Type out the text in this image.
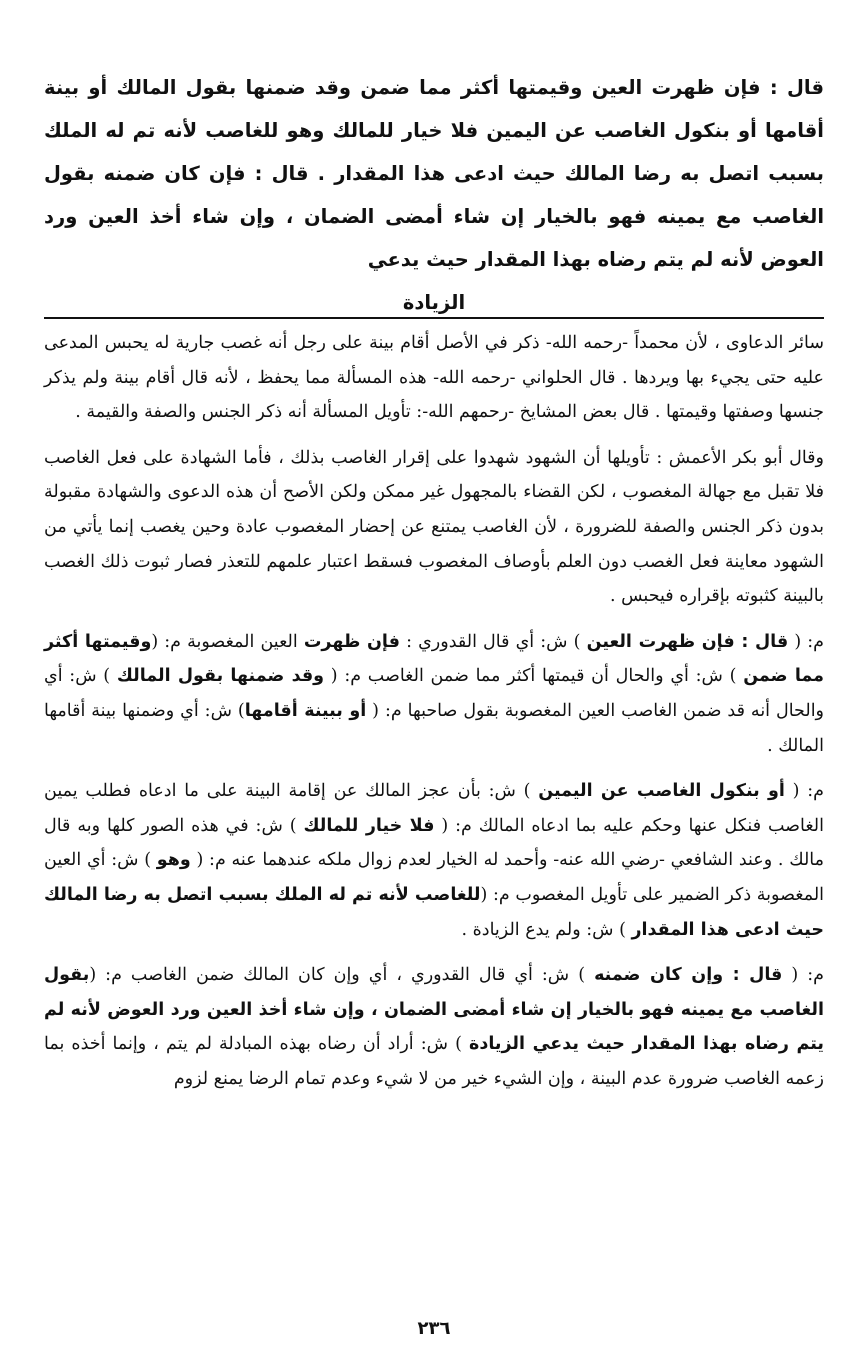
قال : فإن ظهرت العين وقيمتها أكثر مما ضمن وقد ضمنها بقول المالك أو بينة أقامها أو بنكول الغاصب عن اليمين فلا خيار للمالك وهو للغاصب لأنه تم له الملك بسبب اتصل به رضا المالك حيث ادعى هذا المقدار . قال : فإن كان ضمنه بقول الغاصب مع يمينه فهو بالخيار إن شاء أمضى الضمان ، وإن شاء أخذ العين ورد العوض لأنه لم يتم رضاه بهذا المقدار حيث يدعي

الزيادة

سائر الدعاوى ، لأن محمداً -رحمه الله- ذكر في الأصل أقام بينة على رجل أنه غصب جارية له يحبس المدعى عليه حتى يجيء بها ويردها . قال الحلواني -رحمه الله- هذه المسألة مما يحفظ ، لأنه قال أقام بينة ولم يذكر جنسها وصفتها وقيمتها . قال بعض المشايخ -رحمهم الله-: تأويل المسألة أنه ذكر الجنس والصفة والقيمة .

وقال أبو بكر الأعمش : تأويلها أن الشهود شهدوا على إقرار الغاصب بذلك ، فأما الشهادة على فعل الغاصب فلا تقبل مع جهالة المغصوب ، لكن القضاء بالمجهول غير ممكن ولكن الأصح أن هذه الدعوى والشهادة مقبولة بدون ذكر الجنس والصفة للضرورة ، لأن الغاصب يمتنع عن إحضار المغصوب عادة وحين يغصب إنما يأتي من الشهود معاينة فعل الغصب دون العلم بأوصاف المغصوب فسقط اعتبار علمهم للتعذر فصار ثبوت ذلك الغصب بالبينة كثبوته بإقراره فيحبس .

م: ( قال : فإن ظهرت العين ) ش: أي قال القدوري : فإن ظهرت العين المغصوبة م: (وقيمتها أكثر مما ضمن ) ش: أي والحال أن قيمتها أكثر مما ضمن الغاصب م: ( وقد ضمنها بقول المالك ) ش: أي والحال أنه قد ضمن الغاصب العين المغصوبة بقول صاحبها م: ( أو ببينة أقامها) ش: أي وضمنها بينة أقامها المالك .

م: ( أو بنكول الغاصب عن اليمين ) ش: بأن عجز المالك عن إقامة البينة على ما ادعاه فطلب يمين الغاصب فنكل عنها وحكم عليه بما ادعاه المالك م: ( فلا خيار للمالك ) ش: في هذه الصور كلها وبه قال مالك . وعند الشافعي -رضي الله عنه- وأحمد له الخيار لعدم زوال ملكه عندهما عنه م: ( وهو ) ش: أي العين المغصوبة ذكر الضمير على تأويل المغصوب م: (للغاصب لأنه تم له الملك بسبب اتصل به رضا المالك حيث ادعى هذا المقدار ) ش: ولم يدع الزيادة .

م: ( قال : وإن كان ضمنه ) ش: أي قال القدوري ، أي وإن كان المالك ضمن الغاصب م: (بقول الغاصب مع يمينه فهو بالخيار إن شاء أمضى الضمان ، وإن شاء أخذ العين ورد العوض لأنه لم يتم رضاه بهذا المقدار حيث يدعي الزيادة ) ش: أراد أن رضاه بهذه المبادلة لم يتم ، وإنما أخذه بما زعمه الغاصب ضرورة عدم البينة ، وإن الشيء خير من لا شيء وعدم تمام الرضا يمنع لزوم

٢٣٦
